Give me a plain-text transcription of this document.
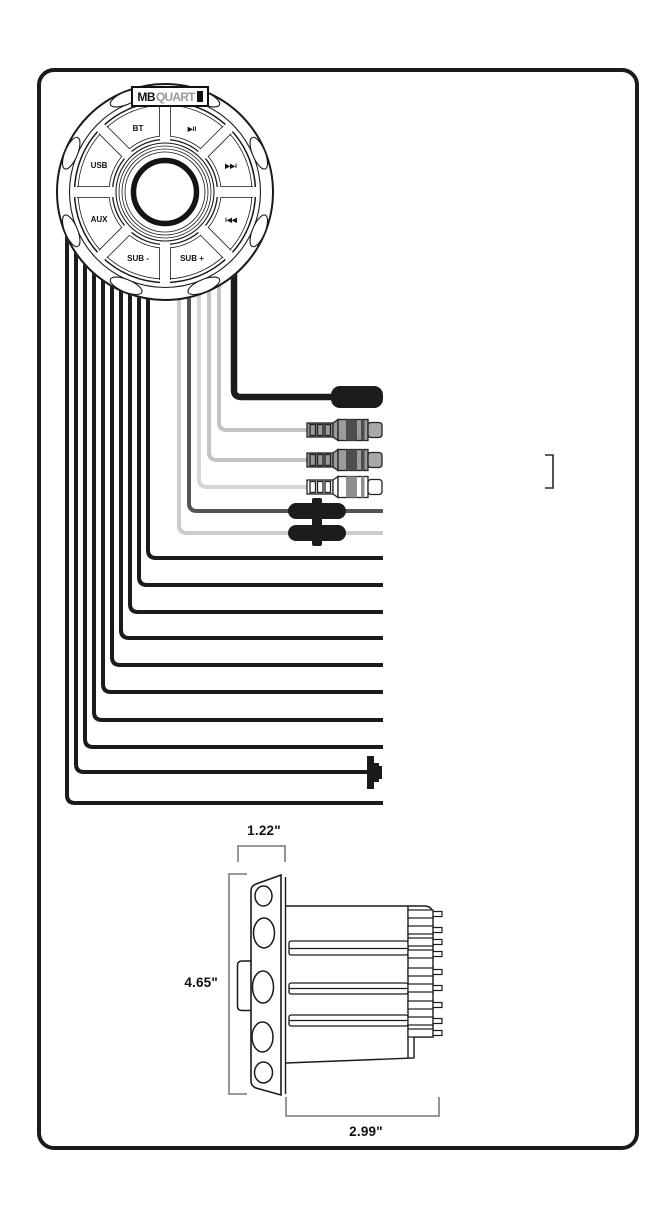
BT	▶II
USB	▶▶I
AUX	I◀◀
SUB -	SUB +
MB QUART
1.22"
4.65"
2.99"
